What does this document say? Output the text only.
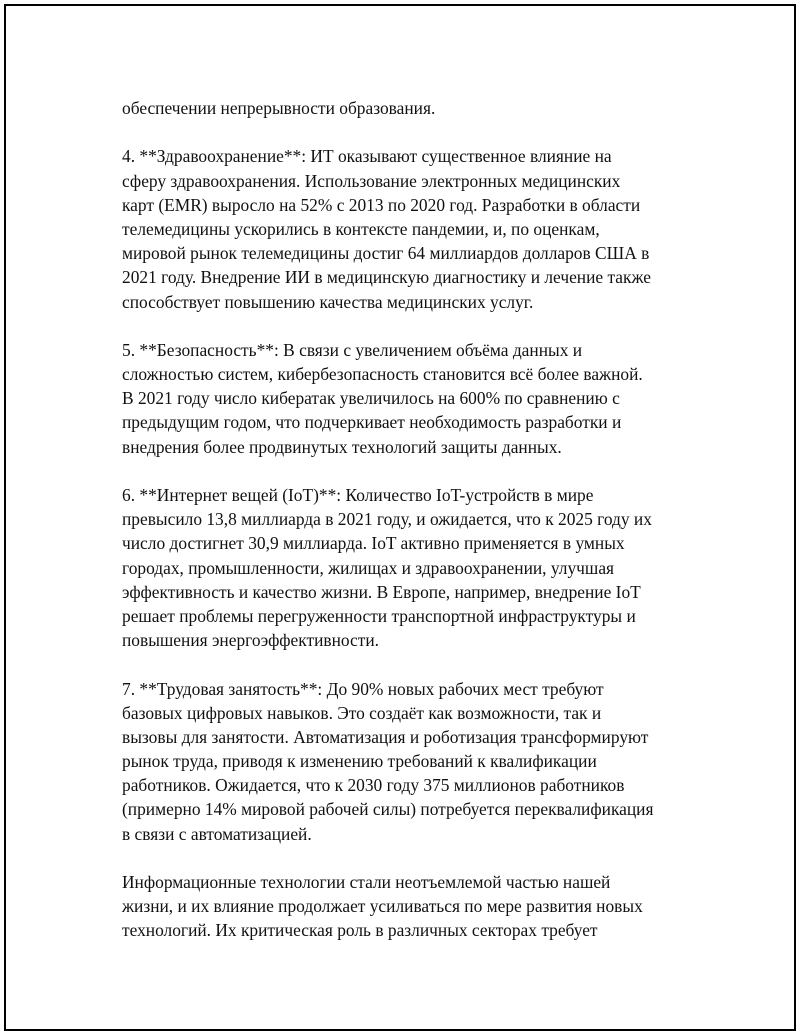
обеспечении непрерывности образования.
4. **Здравоохранение**: ИТ оказывают существенное влияние на
сферу здравоохранения. Использование электронных медицинских
карт (EMR) выросло на 52% с 2013 по 2020 год. Разработки в области
телемедицины ускорились в контексте пандемии, и, по оценкам,
мировой рынок телемедицины достиг 64 миллиардов долларов США в
2021 году. Внедрение ИИ в медицинскую диагностику и лечение также
способствует повышению качества медицинских услуг.
5. **Безопасность**: В связи с увеличением объёма данных и
сложностью систем, кибербезопасность становится всё более важной.
В 2021 году число кибератак увеличилось на 600% по сравнению с
предыдущим годом, что подчеркивает необходимость разработки и
внедрения более продвинутых технологий защиты данных.
6. **Интернет вещей (IoT)**: Количество IoT-устройств в мире
превысило 13,8 миллиарда в 2021 году, и ожидается, что к 2025 году их
число достигнет 30,9 миллиарда. IoT активно применяется в умных
городах, промышленности, жилищах и здравоохранении, улучшая
эффективность и качество жизни. В Европе, например, внедрение IoT
решает проблемы перегруженности транспортной инфраструктуры и
повышения энергоэффективности.
7. **Трудовая занятость**: До 90% новых рабочих мест требуют
базовых цифровых навыков. Это создаёт как возможности, так и
вызовы для занятости. Автоматизация и роботизация трансформируют
рынок труда, приводя к изменению требований к квалификации
работников. Ожидается, что к 2030 году 375 миллионов работников
(примерно 14% мировой рабочей силы) потребуется переквалификация
в связи с автоматизацией.
Информационные технологии стали неотъемлемой частью нашей
жизни, и их влияние продолжает усиливаться по мере развития новых
технологий. Их критическая роль в различных секторах требует
